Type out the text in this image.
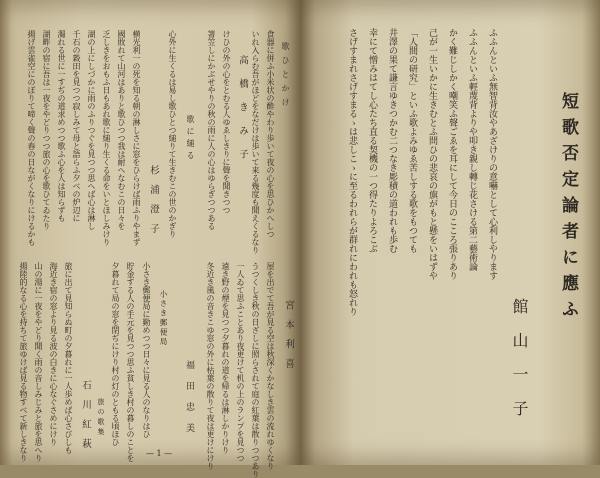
歌ひとかけ
食器に併ふ小米状の酔やわり歩いて夜の心を思ひかへしつ
いれ入らむ吾がほどをなだけは歩いて来る幾度も聞えくるなり
高橋きみ子
けひの外の心をとむる人ゆゑしきりに聲を聞きつつ
箸笠しにかぶせやりの秋の雨に人の心はゆらぎつつある
歌に縋る
心外に生くるは易し歌ひとつ縋りて生きむこの世のかぎり
杉浦澄子
横光利一の死を知る朝の淋しさに窓をひらけば雨ふりやまず
國敗れて山河はありと歌ひつつ我は耐へなむこの日々を
乏しきをおもふ日もあれ歌に縋り生くる命をいとほしみけり
湖の上にしづかに雨のふりつぐを見つつ思へば心は淋し
千石の穀田を見つつ寂しみて母と語らふ夕べの炉辺に
濁れる世に一すぢの道求めつつ歌ふ心を人は知らずも
湖畔の宿に吾は一夜をやどりつつ旅の心を歌ひてゐたり
揚げ雲雀空にのぼりて啼く聲の春の日ながくなりにけるかも
宮本利喜
屋を出でて吾が見る空は秋深くかなしき雲の流れゆくなり
うつくしき秋の日ざしに照らされて庭の紅葉は散りつつあり
一人ゐて思ふことあり夜更けて机の上のランプを見つつ
遠き野の煙を見つつ夕暮れの道を帰るは淋しかりけり
冬近き風の音きこゆ窓の外に枯葉の散りて夜は更けにけり
福田忠美
小さき郵便局
小さき郵便局に勤めつつ日々に見る人のなりはひ
貯金する人の手元を見つつ思ふ貧しき村の暮しのことを
夕暮れて局の窓を閉ぢにけり村の灯のともる頃ほひ
旅の歌集
石川紅萩
旅に出て見知らぬ町の夕暮れに一人歩めば心さびしも
海近き宿の窓より見る波の白きに心なぐさめにけり
山の湯に一夜をやどり聞く雨の音しみじみと旅を思へり
揚陸的なる心を持ちて旅ゆけば見る物すべて新しきなり	— 1 —
短歌否定論者に應ふ
館山一子
ふふんといふ無智背汝やあざけりの意嚇として心利しやります
ふふんといふ輕蔑背よりや叩き親し轉じ花さける第二藝術論
かく難じしかく嘲笑ふ聲ごゑを耳にして今日のこころ張りあり
己が一生いかに生きむとふ問ひの悲哀の旗がもと懸をいはずや
「人間の研究」といふ歌よみゆゑ苦しする歌をもつても
井澤の果て謙言ゆきつかむ二つなき彫積の道われも歩む
幸にて憎みはてし心たち直る契機の一つ得たりよろこぶ
さげすまれさげすまるゝは悲しこゝに至るわれらが群れにわれも怒れり
